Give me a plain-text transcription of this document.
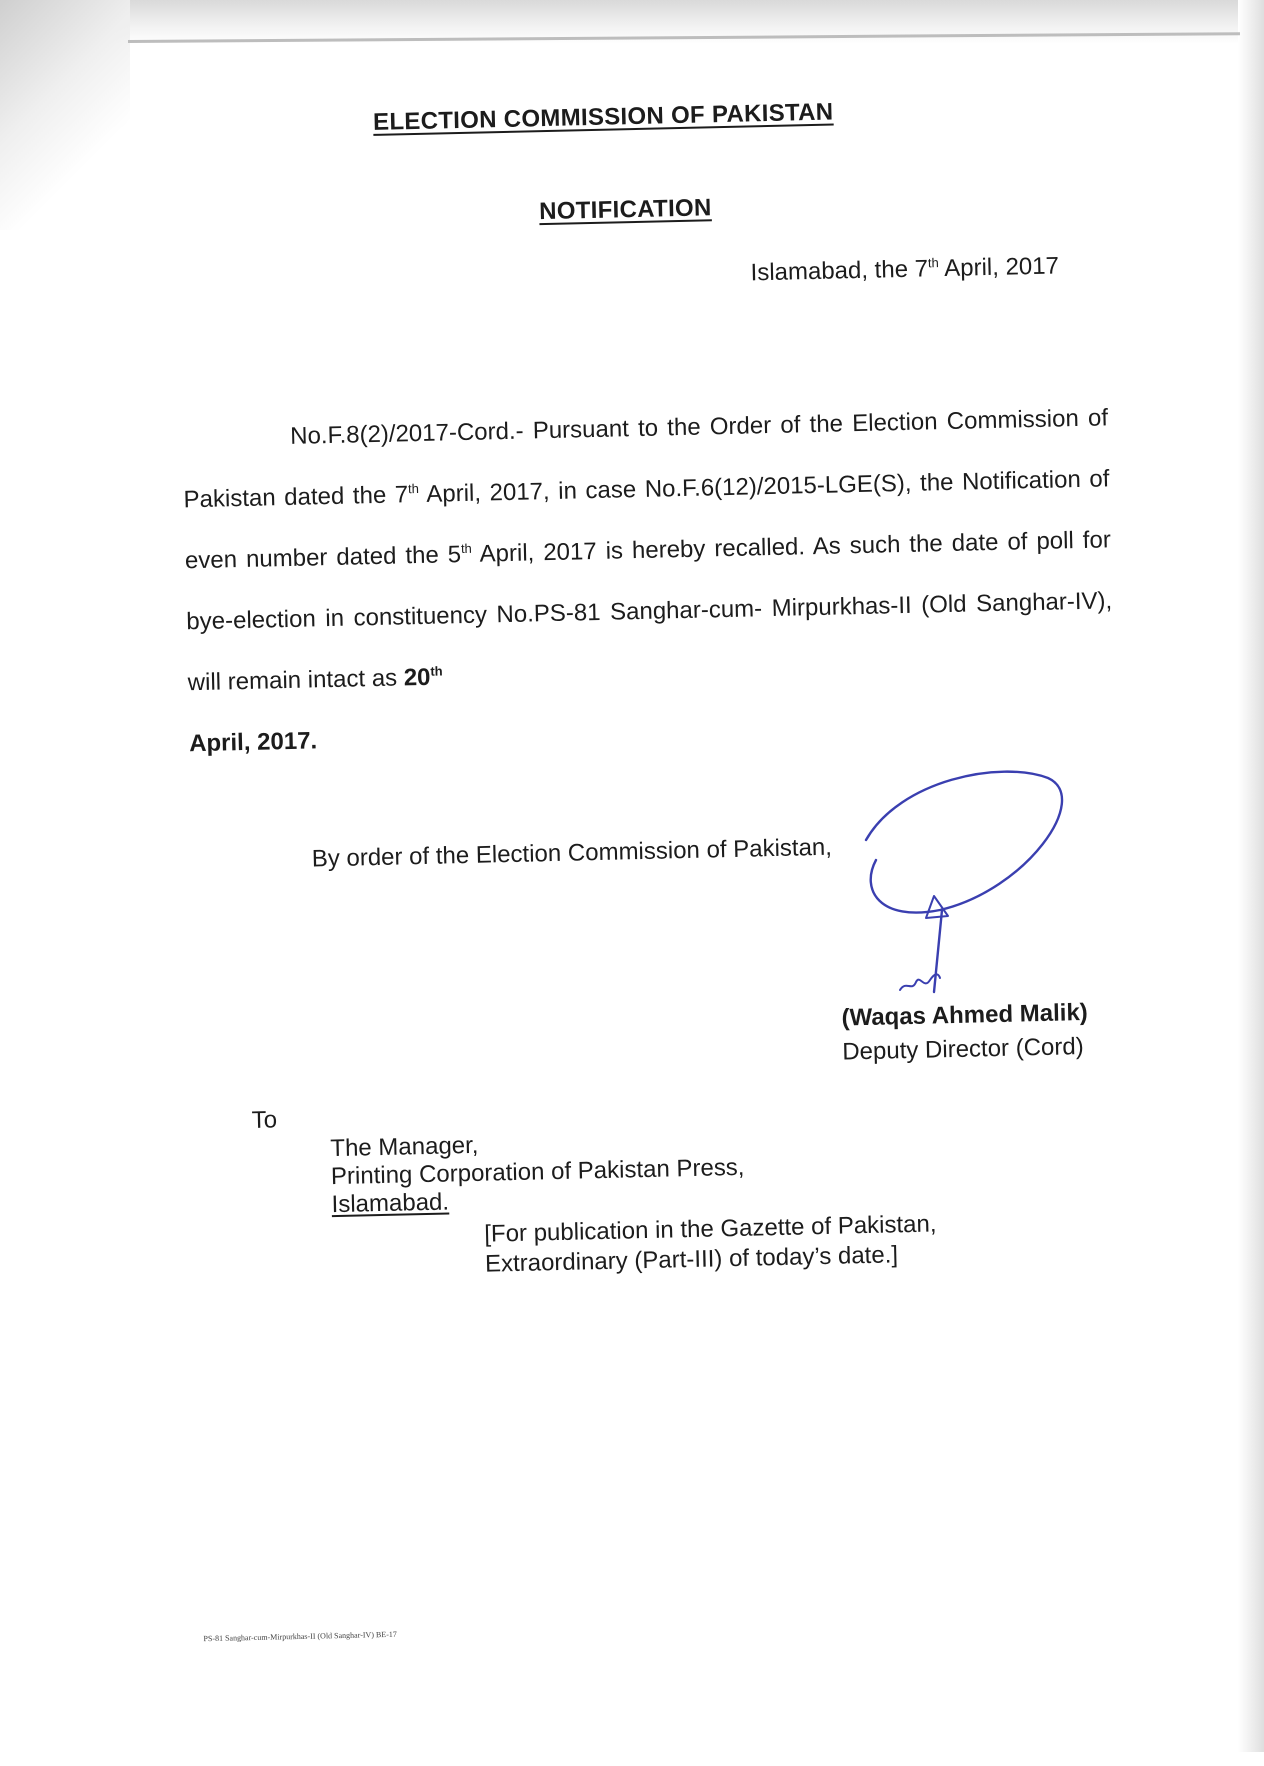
ELECTION COMMISSION OF PAKISTAN
NOTIFICATION
Islamabad, the 7th April, 2017
No.F.8(2)/2017-Cord.- Pursuant to the Order of the Election Commission of Pakistan dated the 7th April, 2017, in case No.F.6(12)/2015-LGE(S), the Notification of even number dated the 5th April, 2017 is hereby recalled. As such the date of poll for bye-election in constituency No.PS-81 Sanghar-cum- Mirpurkhas-II (Old Sanghar-IV), will remain intact as 20th
April, 2017.
By order of the Election Commission of Pakistan,
(Waqas Ahmed Malik)
Deputy Director (Cord)
To
The Manager,
Printing Corporation of Pakistan Press,
Islamabad.
[For publication in the Gazette of Pakistan,
Extraordinary (Part-III) of today’s date.]
PS-81 Sanghar-cum-Mirpurkhas-II (Old Sanghar-IV) BE-17
